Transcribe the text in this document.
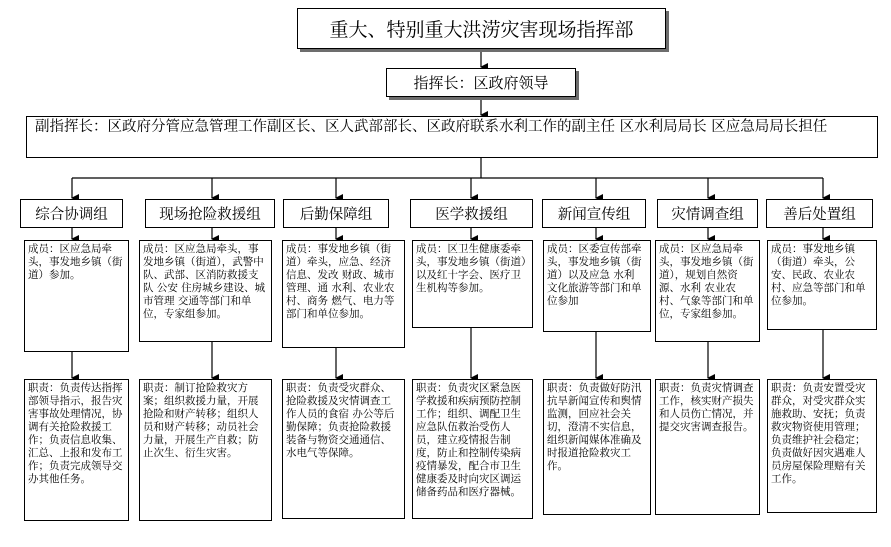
重大、特别重大洪涝灾害现场指挥部
指挥长：区政府领导
副指挥长：区政府分管应急管理工作副区长、区人武部部长、区政府联系水利工作的副主任 区水利局局长 区应急局局长担任
综合协调组	现场抢险救援组	后勤保障组	医学救援组	新闻宣传组	灾情调查组	善后处置组
成员：区应急局牵头，事发地乡镇（街道）参加。
成员：区应急局牵头，事发地乡镇（街道），武警中队、武部、区消防救援支队 公安 住房城乡建设、城市管理 交通等部门和单位，专家组参加。
成员：事发地乡镇（街道）牵头，应急、经济信息、发改 财政、城市管理、通 水利、农业农村、商务 燃气、电力等部门和单位参加。
成员：区卫生健康委牵头，事发地乡镇（街道）以及红十字会、医疗卫生机构等参加。
成员：区委宣传部牵头，事发地乡镇（街道）以及应急 水利 文化旅游等部门和单位参加
成员：区应急局牵头，事发地乡镇（街道），规划自然资源、水利 农业农村、气象等部门和单位，专家组参加。
成员：事发地乡镇（街道）牵头，公安、民政、农业农村、应急等部门和单位参加。
职责：负责传达指挥部领导指示，报告灾害事故处理情况，协调有关抢险救援工作；负责信息收集、汇总、上报和发布工作；负责完成领导交办其他任务。
职责：制订抢险救灾方案；组织救援力量，开展抢险和财产转移；组织人员和财产转移；动员社会力量，开展生产自救；防止次生、衍生灾害。
职责：负责受灾群众、抢险救援及灾情调查工作人员的食宿 办公等后勤保障；负责抢险救援装备与物资交通通信、水电气等保障。
职责：负责灾区紧急医学救援和疾病预防控制工作；组织、调配卫生应急队伍救治受伤人员，建立疫情报告制度，防止和控制传染病疫情暴发，配合市卫生健康委及时向灾区调运储备药品和医疗器械。
职责：负责做好防汛抗旱新闻宣传和舆情监测，回应社会关切，澄清不实信息，组织新闻媒体准确及时报道抢险救灾工作。
职责：负责灾情调查工作，核实财产损失和人员伤亡情况，并提交灾害调查报告。
职责：负责安置受灾群众，对受灾群众实施救助、安抚；负责救灾物资使用管理；负责维护社会稳定；负责做好因灾遇难人员房屋保险理赔有关工作。
